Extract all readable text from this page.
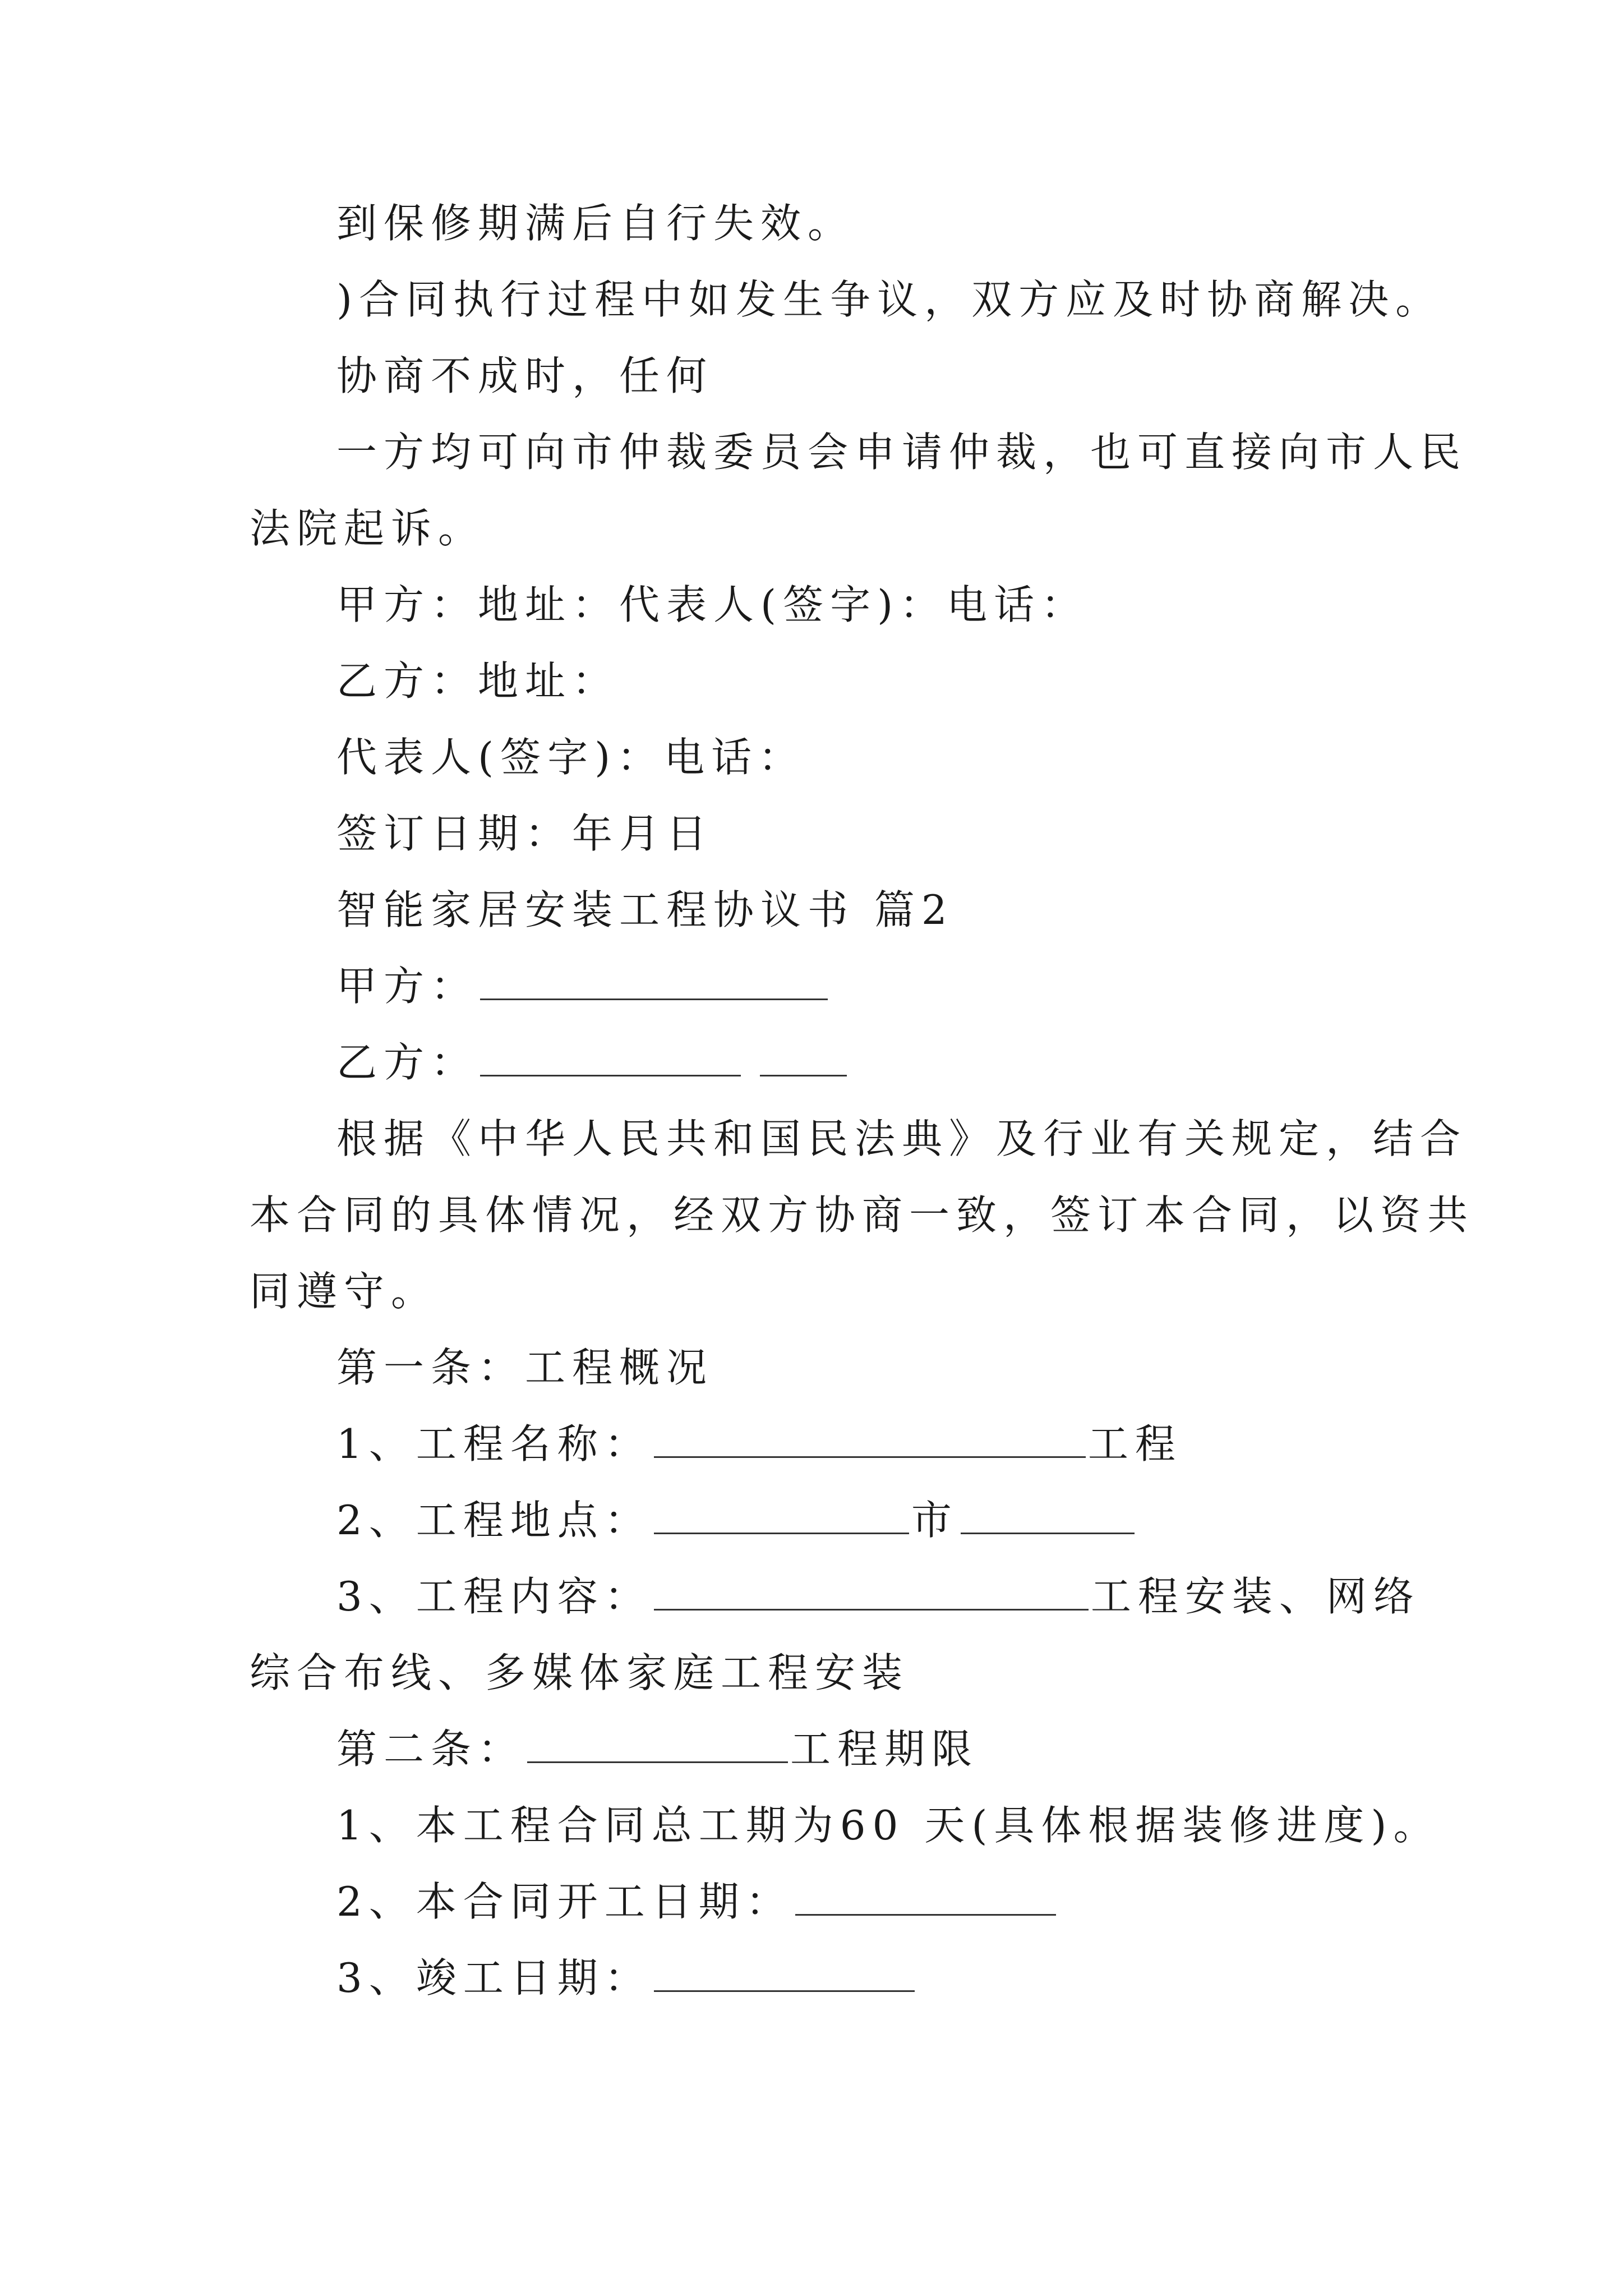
到保修期满后自行失效。
)合同执行过程中如发生争议，双方应及时协商解决。
协商不成时，任何
一方均可向市仲裁委员会申请仲裁，也可直接向市人民
法院起诉。
甲方：地址：代表人(签字)：电话：
乙方：地址：
代表人(签字)：电话：
签订日期：年月日
智能家居安装工程协议书 篇2
甲方：
乙方：
根据《中华人民共和国民法典》及行业有关规定，结合
本合同的具体情况，经双方协商一致，签订本合同，以资共
同遵守。
第一条：工程概况
1、工程名称：	工程
2、工程地点：	市
3、工程内容：	工程安装、网络
综合布线、多媒体家庭工程安装
第二条：	工程期限
1、本工程合同总工期为60 天(具体根据装修进度)。
2、本合同开工日期：
3、竣工日期：
